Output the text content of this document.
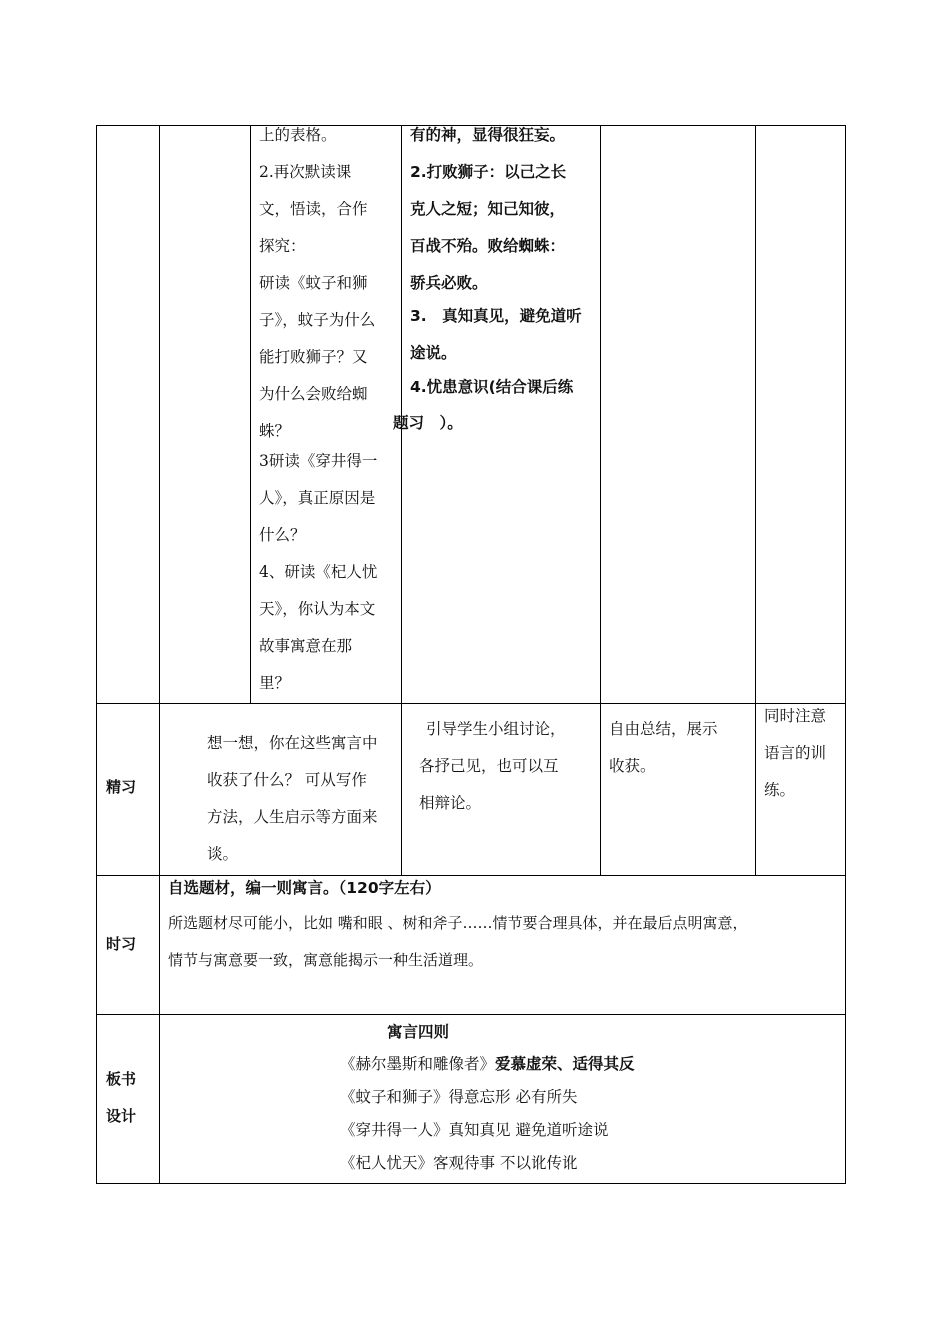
上的表格。
2.再次默读课
文，悟读，合作
探究：
研读《蚊子和狮
子》，蚊子为什么
能打败狮子？又
为什么会败给蜘
蛛？
3研读《穿井得一
人》，真正原因是
什么？
4、研读《杞人忧
天》，你认为本文
故事寓意在那
里？
有的神，显得很狂妄。
2.打败狮子：以己之长
克人之短；知己知彼，
百战不殆。败给蜘蛛：
骄兵必败。
3.　真知真见，避免道听
途说。
4.忧患意识(结合课后练
题习　）。
精习
想一想，你在这些寓言中
收获了什么？ 可从写作
方法，人生启示等方面来
谈。
引导学生小组讨论，
各抒己见，也可以互
相辩论。
自由总结，展示
收获。
同时注意
语言的训
练。
时习
自选题材，编一则寓言。（120字左右）
所选题材尽可能小，比如 嘴和眼 、树和斧子……情节要合理具体，并在最后点明寓意，
情节与寓意要一致，寓意能揭示一种生活道理。
板书
设计
寓言四则
《赫尔墨斯和雕像者》爱慕虚荣、适得其反
《蚊子和狮子》得意忘形 必有所失
《穿井得一人》真知真见 避免道听途说
《杞人忧天》客观待事 不以讹传讹
